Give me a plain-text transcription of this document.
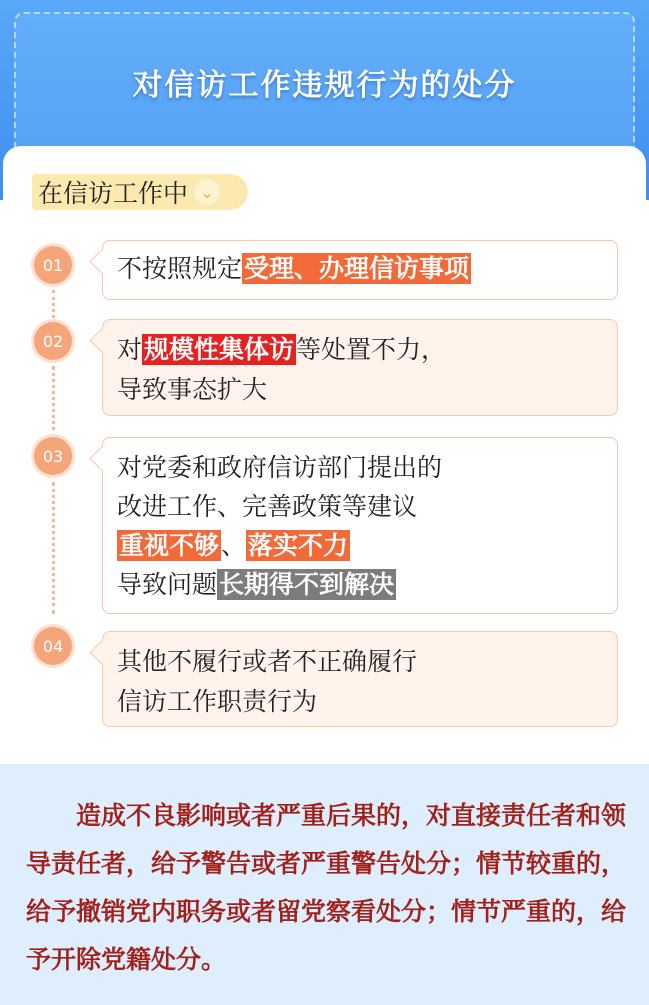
对信访工作违规行为的处分
在信访工作中 ⌄
01	不按照规定受理、办理信访事项
02	对规模性集体访等处置不力，
导致事态扩大
03	对党委和政府信访部门提出的
改进工作、完善政策等建议
重视不够、落实不力
导致问题长期得不到解决
04
其他不履行或者不正确履行
信访工作职责行为
造成不良影响或者严重后果的，对直接责任者和领导责任者，给予警告或者严重警告处分；情节较重的，给予撤销党内职务或者留党察看处分；情节严重的，给予开除党籍处分。
